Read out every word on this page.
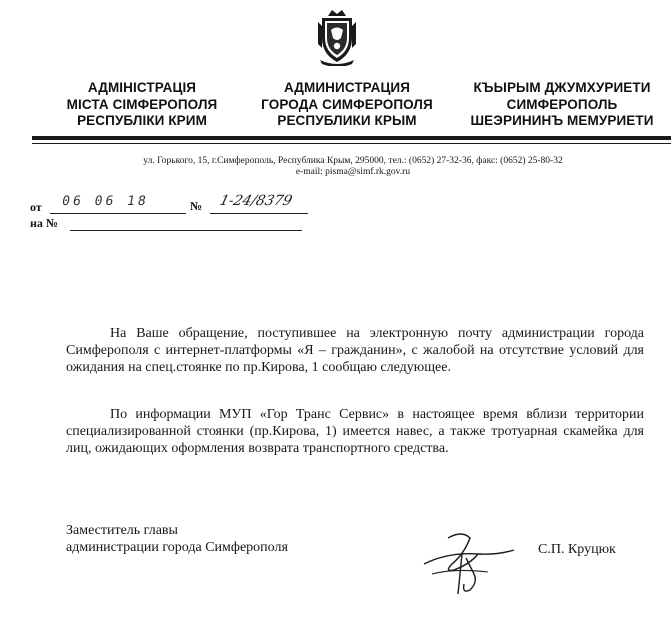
АДМІНІСТРАЦІЯ
МІСТА СІМФЕРОПОЛЯ
РЕСПУБЛІКИ КРИМ
АДМИНИСТРАЦИЯ
ГОРОДА СИМФЕРОПОЛЯ
РЕСПУБЛИКИ КРЫМ
КЪЫРЫМ ДЖУМХУРИЕТИ
СИМФЕРОПОЛЬ
ШЕЭРИНИНЪ МЕМУРИЕТИ
ул. Горького, 15, г.Симферополь, Республика Крым, 295000, тел.: (0652) 27-32-36, факс: (0652) 25-80-32
e-mail: pisma@simf.rk.gov.ru
от 06 06 18	№ 1-24/8379
на №

На Ваше обращение, поступившее на электронную почту администрации города Симферополя с интернет-платформы «Я – гражданин», с жалобой на отсутствие условий для ожидания на спец.стоянке по пр.Кирова, 1 сообщаю следующее.

По информации МУП «Гор Транс Сервис» в настоящее время вблизи территории специализированной стоянки (пр.Кирова, 1) имеется навес, а также тротуарная скамейка для лиц, ожидающих оформления возврата транспортного средства.

Заместитель главы
администрации города Симферополя	С.П. Круцюк
